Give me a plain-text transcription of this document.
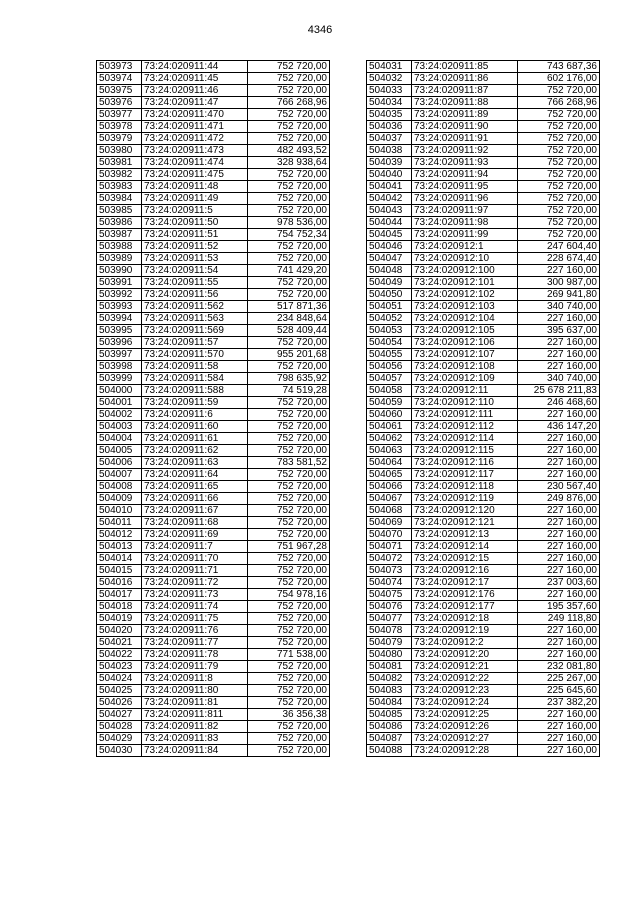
4346
503973	73:24:020911:44	752 720,00
503974	73:24:020911:45	752 720,00
503975	73:24:020911:46	752 720,00
503976	73:24:020911:47	766 268,96
503977	73:24:020911:470	752 720,00
503978	73:24:020911:471	752 720,00
503979	73:24:020911:472	752 720,00
503980	73:24:020911:473	482 493,52
503981	73:24:020911:474	328 938,64
503982	73:24:020911:475	752 720,00
503983	73:24:020911:48	752 720,00
503984	73:24:020911:49	752 720,00
503985	73:24:020911:5	752 720,00
503986	73:24:020911:50	978 536,00
503987	73:24:020911:51	754 752,34
503988	73:24:020911:52	752 720,00
503989	73:24:020911:53	752 720,00
503990	73:24:020911:54	741 429,20
503991	73:24:020911:55	752 720,00
503992	73:24:020911:56	752 720,00
503993	73:24:020911:562	517 871,36
503994	73:24:020911:563	234 848,64
503995	73:24:020911:569	528 409,44
503996	73:24:020911:57	752 720,00
503997	73:24:020911:570	955 201,68
503998	73:24:020911:58	752 720,00
503999	73:24:020911:584	798 635,92
504000	73:24:020911:588	74 519,28
504001	73:24:020911:59	752 720,00
504002	73:24:020911:6	752 720,00
504003	73:24:020911:60	752 720,00
504004	73:24:020911:61	752 720,00
504005	73:24:020911:62	752 720,00
504006	73:24:020911:63	783 581,52
504007	73:24:020911:64	752 720,00
504008	73:24:020911:65	752 720,00
504009	73:24:020911:66	752 720,00
504010	73:24:020911:67	752 720,00
504011	73:24:020911:68	752 720,00
504012	73:24:020911:69	752 720,00
504013	73:24:020911:7	751 967,28
504014	73:24:020911:70	752 720,00
504015	73:24:020911:71	752 720,00
504016	73:24:020911:72	752 720,00
504017	73:24:020911:73	754 978,16
504018	73:24:020911:74	752 720,00
504019	73:24:020911:75	752 720,00
504020	73:24:020911:76	752 720,00
504021	73:24:020911:77	752 720,00
504022	73:24:020911:78	771 538,00
504023	73:24:020911:79	752 720,00
504024	73:24:020911:8	752 720,00
504025	73:24:020911:80	752 720,00
504026	73:24:020911:81	752 720,00
504027	73:24:020911:811	36 356,38
504028	73:24:020911:82	752 720,00
504029	73:24:020911:83	752 720,00
504030	73:24:020911:84	752 720,00
504031	73:24:020911:85	743 687,36
504032	73:24:020911:86	602 176,00
504033	73:24:020911:87	752 720,00
504034	73:24:020911:88	766 268,96
504035	73:24:020911:89	752 720,00
504036	73:24:020911:90	752 720,00
504037	73:24:020911:91	752 720,00
504038	73:24:020911:92	752 720,00
504039	73:24:020911:93	752 720,00
504040	73:24:020911:94	752 720,00
504041	73:24:020911:95	752 720,00
504042	73:24:020911:96	752 720,00
504043	73:24:020911:97	752 720,00
504044	73:24:020911:98	752 720,00
504045	73:24:020911:99	752 720,00
504046	73:24:020912:1	247 604,40
504047	73:24:020912:10	228 674,40
504048	73:24:020912:100	227 160,00
504049	73:24:020912:101	300 987,00
504050	73:24:020912:102	269 941,80
504051	73:24:020912:103	340 740,00
504052	73:24:020912:104	227 160,00
504053	73:24:020912:105	395 637,00
504054	73:24:020912:106	227 160,00
504055	73:24:020912:107	227 160,00
504056	73:24:020912:108	227 160,00
504057	73:24:020912:109	340 740,00
504058	73:24:020912:11	25 678 211,83
504059	73:24:020912:110	246 468,60
504060	73:24:020912:111	227 160,00
504061	73:24:020912:112	436 147,20
504062	73:24:020912:114	227 160,00
504063	73:24:020912:115	227 160,00
504064	73:24:020912:116	227 160,00
504065	73:24:020912:117	227 160,00
504066	73:24:020912:118	230 567,40
504067	73:24:020912:119	249 876,00
504068	73:24:020912:120	227 160,00
504069	73:24:020912:121	227 160,00
504070	73:24:020912:13	227 160,00
504071	73:24:020912:14	227 160,00
504072	73:24:020912:15	227 160,00
504073	73:24:020912:16	227 160,00
504074	73:24:020912:17	237 003,60
504075	73:24:020912:176	227 160,00
504076	73:24:020912:177	195 357,60
504077	73:24:020912:18	249 118,80
504078	73:24:020912:19	227 160,00
504079	73:24:020912:2	227 160,00
504080	73:24:020912:20	227 160,00
504081	73:24:020912:21	232 081,80
504082	73:24:020912:22	225 267,00
504083	73:24:020912:23	225 645,60
504084	73:24:020912:24	237 382,20
504085	73:24:020912:25	227 160,00
504086	73:24:020912:26	227 160,00
504087	73:24:020912:27	227 160,00
504088	73:24:020912:28	227 160,00
